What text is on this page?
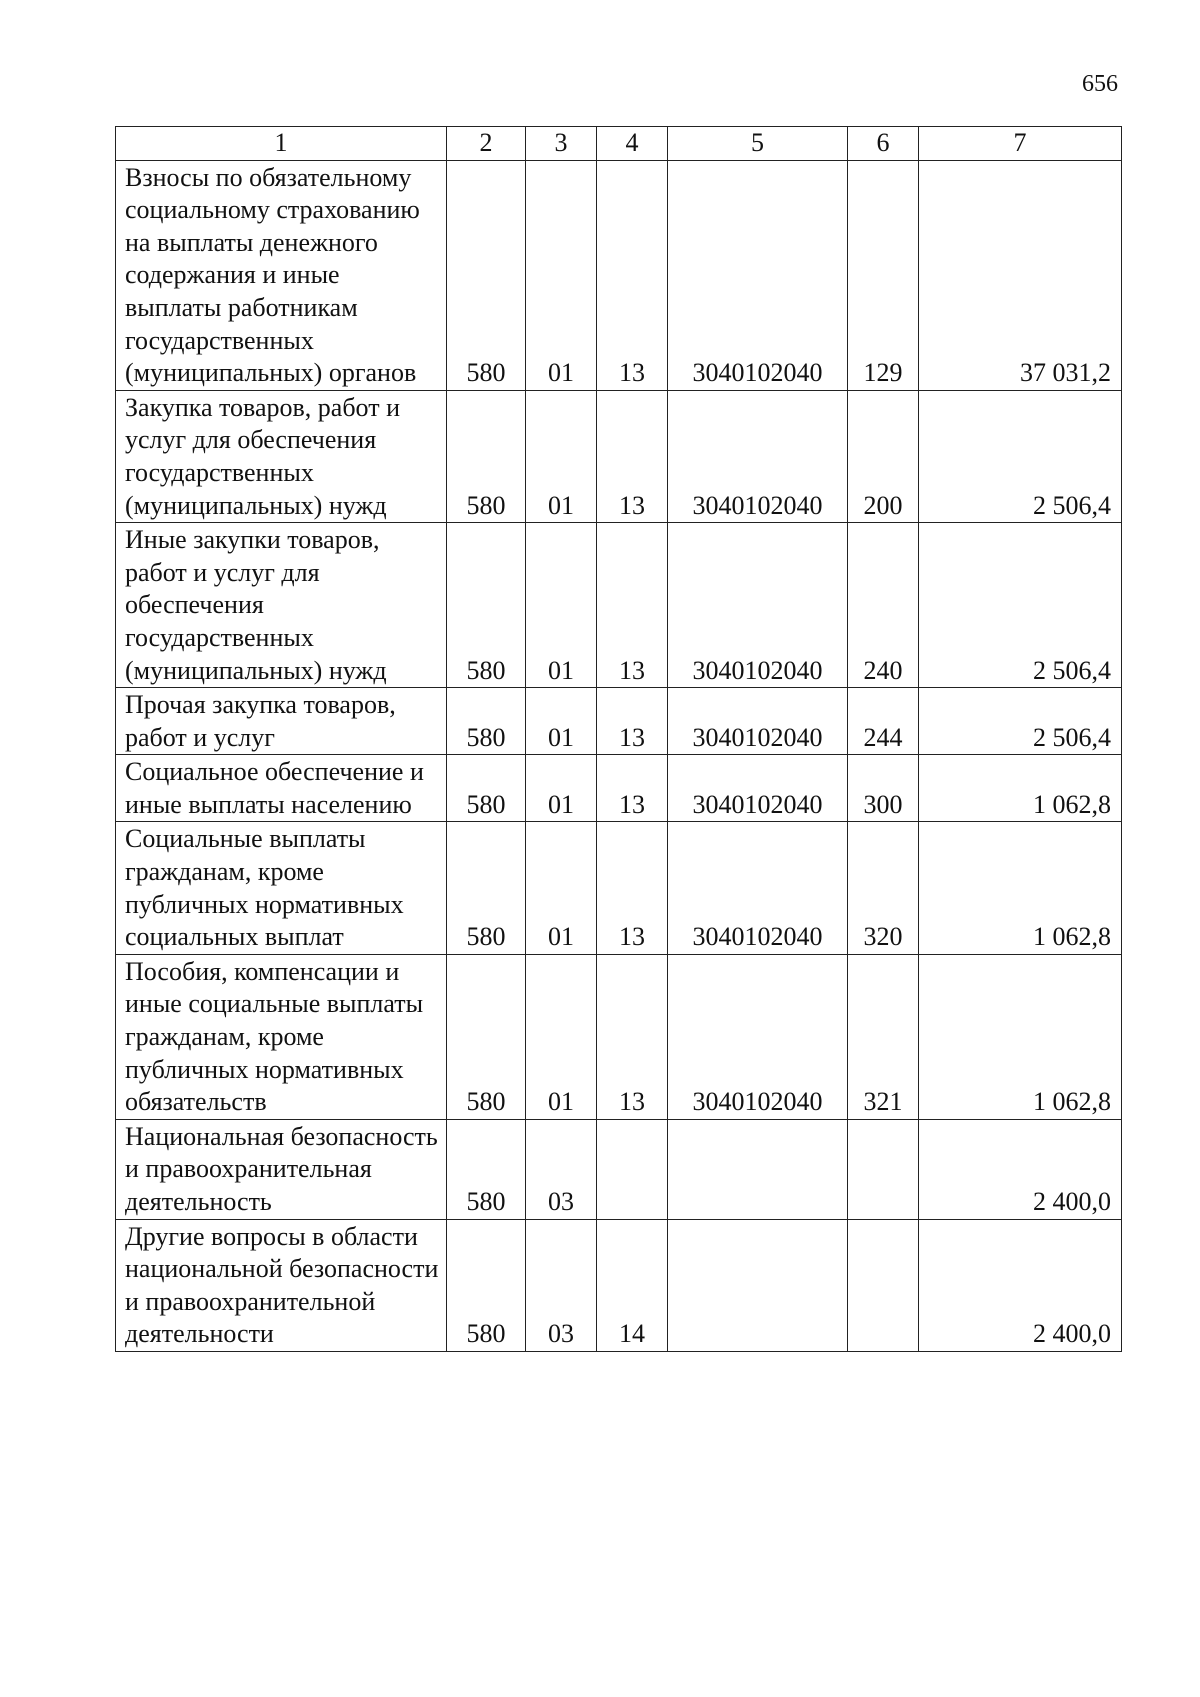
656
1	2	3	4	5	6	7
Взносы по обязательному социальному страхованию на выплаты денежного содержания и иные выплаты работникам государственных (муниципальных) органов	580	01	13	3040102040	129	37 031,2
Закупка товаров, работ и услуг для обеспечения государственных (муниципальных) нужд	580	01	13	3040102040	200	2 506,4
Иные закупки товаров, работ и услуг для обеспечения государственных (муниципальных) нужд	580	01	13	3040102040	240	2 506,4
Прочая закупка товаров, работ и услуг	580	01	13	3040102040	244	2 506,4
Социальное обеспечение и иные выплаты населению	580	01	13	3040102040	300	1 062,8
Социальные выплаты гражданам, кроме публичных нормативных социальных выплат	580	01	13	3040102040	320	1 062,8
Пособия, компенсации и иные социальные выплаты гражданам, кроме публичных нормативных обязательств	580	01	13	3040102040	321	1 062,8
Национальная безопасность и правоохранительная деятельность	580	03				2 400,0
Другие вопросы в области национальной безопасности и правоохранительной деятельности	580	03	14			2 400,0
